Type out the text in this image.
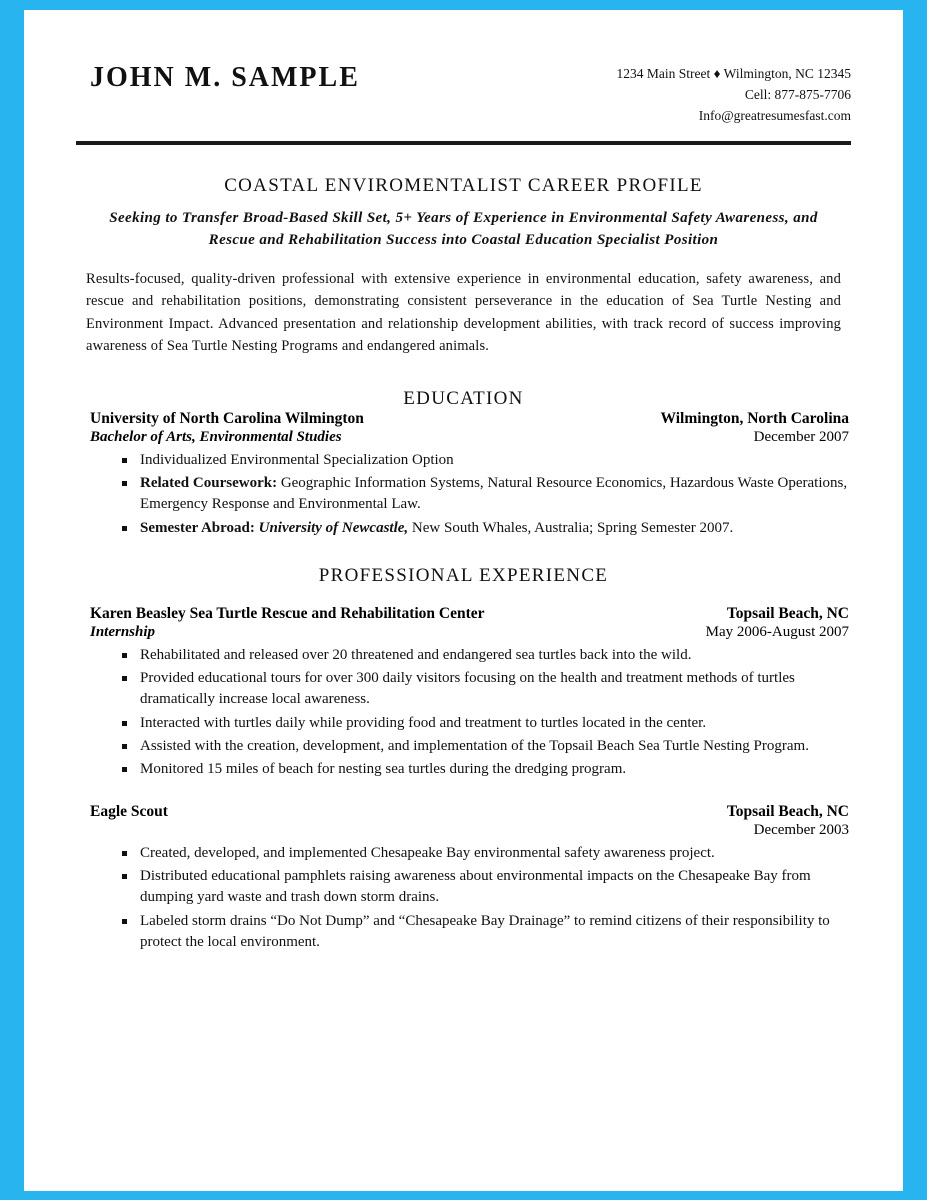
JOHN M. SAMPLE	1234 Main Street ♦ Wilmington, NC 12345
Cell: 877-875-7706
Info@greatresumesfast.com
COASTAL ENVIROMENTALIST CAREER PROFILE
Seeking to Transfer Broad-Based Skill Set, 5+ Years of Experience in Environmental Safety Awareness, and Rescue and Rehabilitation Success into Coastal Education Specialist Position
Results-focused, quality-driven professional with extensive experience in environmental education, safety awareness, and rescue and rehabilitation positions, demonstrating consistent perseverance in the education of Sea Turtle Nesting and Environment Impact. Advanced presentation and relationship development abilities, with track record of success improving awareness of Sea Turtle Nesting Programs and endangered animals.
EDUCATION
University of North Carolina Wilmington	Wilmington, North Carolina
Bachelor of Arts, Environmental Studies	December 2007
Individualized Environmental Specialization Option
Related Coursework: Geographic Information Systems, Natural Resource Economics, Hazardous Waste Operations, Emergency Response and Environmental Law.
Semester Abroad: University of Newcastle, New South Whales, Australia; Spring Semester 2007.
PROFESSIONAL EXPERIENCE
Karen Beasley Sea Turtle Rescue and Rehabilitation Center	Topsail Beach, NC
Internship	May 2006-August 2007
Rehabilitated and released over 20 threatened and endangered sea turtles back into the wild.
Provided educational tours for over 300 daily visitors focusing on the health and treatment methods of turtles dramatically increase local awareness.
Interacted with turtles daily while providing food and treatment to turtles located in the center.
Assisted with the creation, development, and implementation of the Topsail Beach Sea Turtle Nesting Program.
Monitored 15 miles of beach for nesting sea turtles during the dredging program.
Eagle Scout	Topsail Beach, NC
December 2003
Created, developed, and implemented Chesapeake Bay environmental safety awareness project.
Distributed educational pamphlets raising awareness about environmental impacts on the Chesapeake Bay from dumping yard waste and trash down storm drains.
Labeled storm drains “Do Not Dump” and “Chesapeake Bay Drainage” to remind citizens of their responsibility to protect the local environment.
